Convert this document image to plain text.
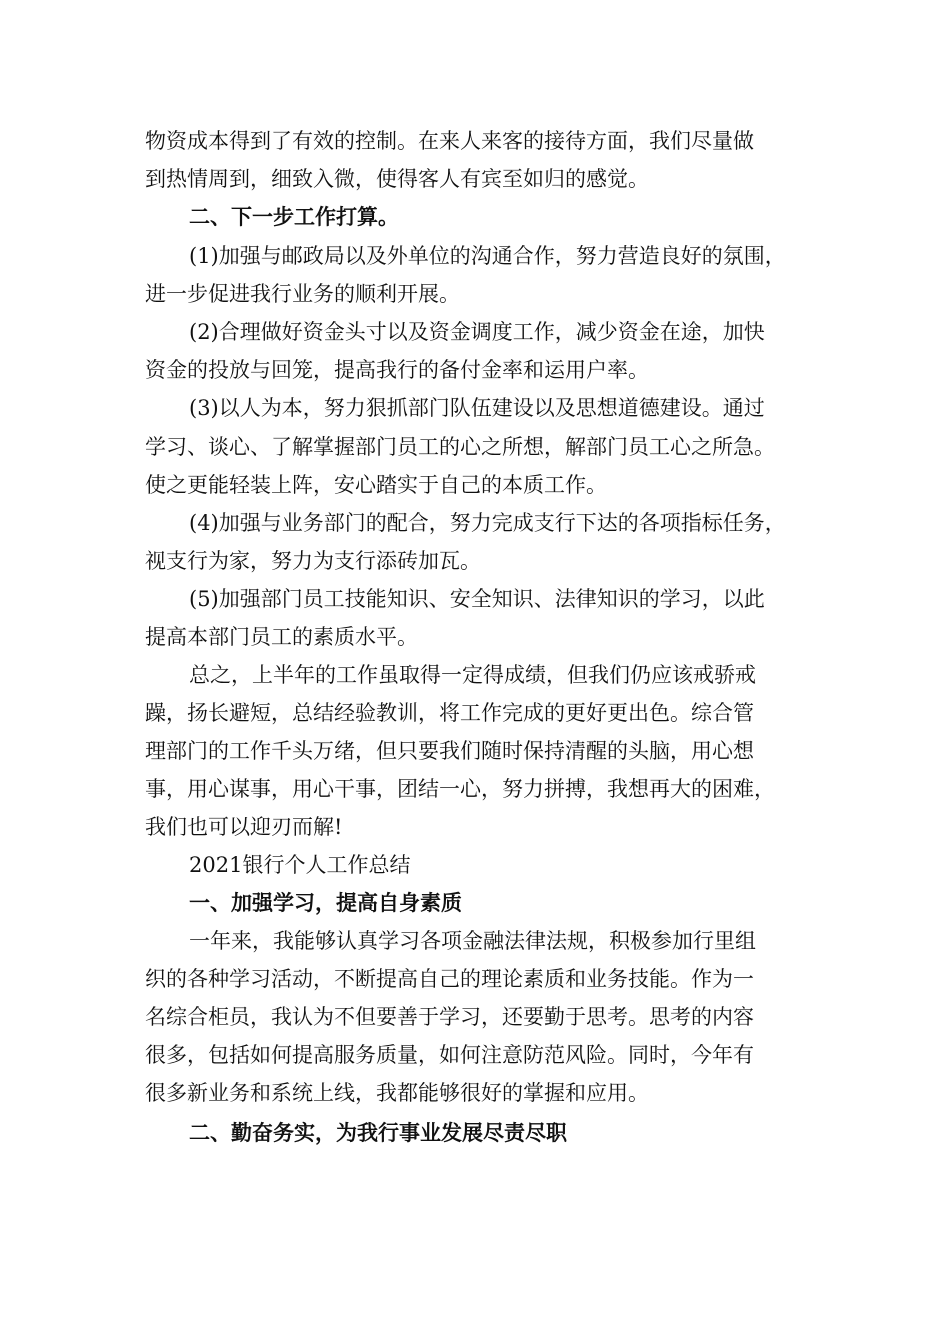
物资成本得到了有效的控制。在来人来客的接待方面，我们尽量做
到热情周到，细致入微，使得客人有宾至如归的感觉。
二、下一步工作打算。
(1)加强与邮政局以及外单位的沟通合作，努力营造良好的氛围，
进一步促进我行业务的顺利开展。
(2)合理做好资金头寸以及资金调度工作，减少资金在途，加快
资金的投放与回笼，提高我行的备付金率和运用户率。
(3)以人为本，努力狠抓部门队伍建设以及思想道德建设。通过
学习、谈心、了解掌握部门员工的心之所想，解部门员工心之所急。
使之更能轻装上阵，安心踏实于自己的本质工作。
(4)加强与业务部门的配合，努力完成支行下达的各项指标任务，
视支行为家，努力为支行添砖加瓦。
(5)加强部门员工技能知识、安全知识、法律知识的学习，以此
提高本部门员工的素质水平。
总之，上半年的工作虽取得一定得成绩，但我们仍应该戒骄戒
躁，扬长避短，总结经验教训，将工作完成的更好更出色。综合管
理部门的工作千头万绪，但只要我们随时保持清醒的头脑，用心想
事，用心谋事，用心干事，团结一心，努力拼搏，我想再大的困难，
我们也可以迎刃而解!
2021银行个人工作总结
一、加强学习，提高自身素质
一年来，我能够认真学习各项金融法律法规，积极参加行里组
织的各种学习活动，不断提高自己的理论素质和业务技能。作为一
名综合柜员，我认为不但要善于学习，还要勤于思考。思考的内容
很多，包括如何提高服务质量，如何注意防范风险。同时，今年有
很多新业务和系统上线，我都能够很好的掌握和应用。
二、勤奋务实，为我行事业发展尽责尽职
